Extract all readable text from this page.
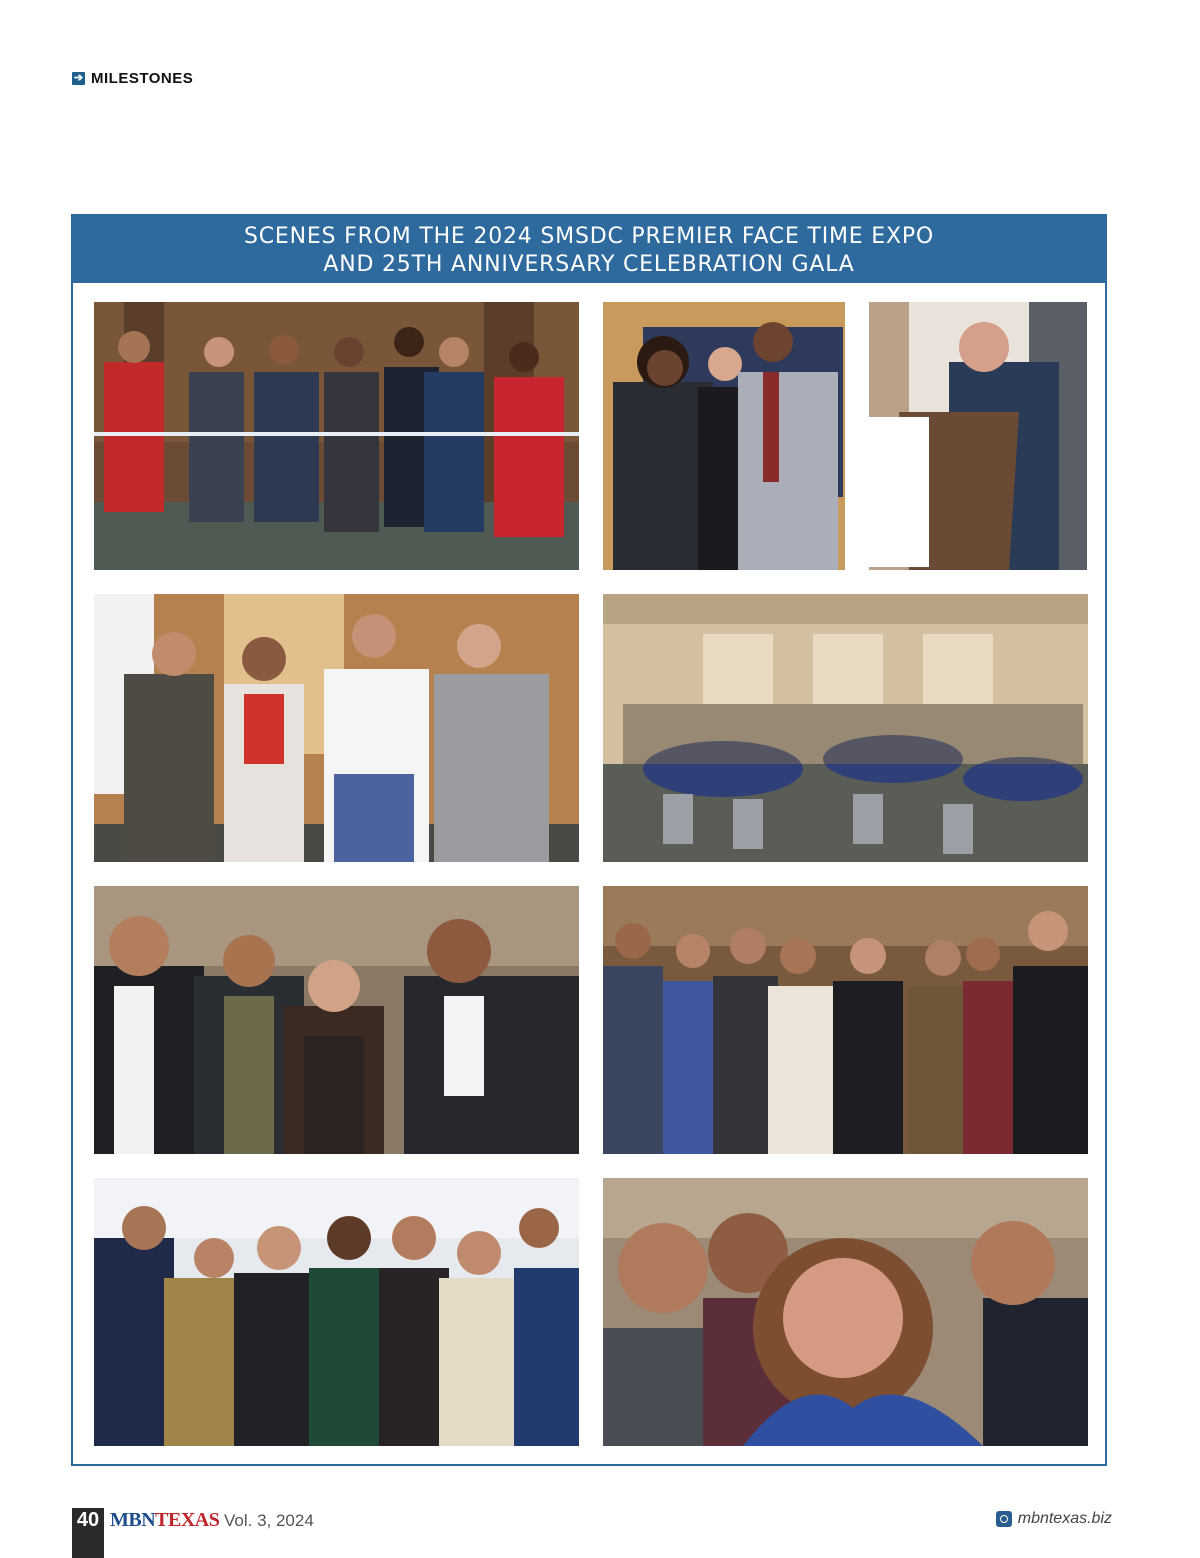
➔ MILESTONES
SCENES FROM THE 2024 SMSDC PREMIER FACE TIME EXPO
AND 25TH ANNIVERSARY CELEBRATION GALA
40 MBNTEXAS Vol. 3, 2024	mbntexas.biz
